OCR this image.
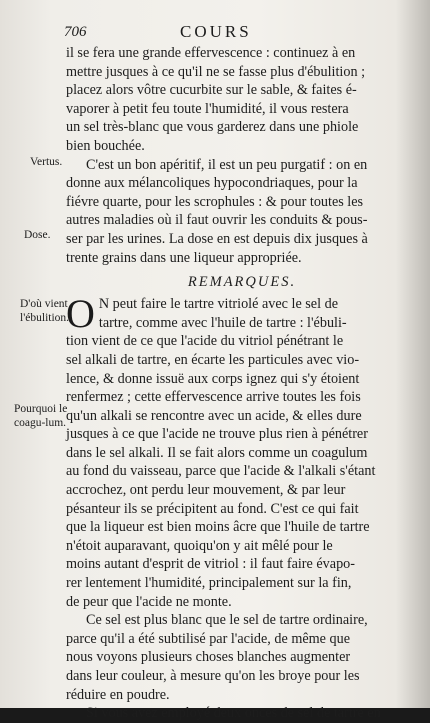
706	COURS
Vertus.
Dose.
D'où vient l'ébulition.
Pourquoi le coagu-lum.
il se fera une grande effervescence : continuez à en
mettre jusques à ce qu'il ne se fasse plus d'ébulition ;
placez alors vôtre cucurbite sur le sable, & faites é-
vaporer à petit feu toute l'humidité, il vous restera
un sel très-blanc que vous garderez dans une phiole
bien bouchée.
C'est un bon apéritif, il est un peu purgatif : on en
donne aux mélancoliques hypocondriaques, pour la
fiévre quarte, pour les scrophules : & pour toutes les
autres maladies où il faut ouvrir les conduits & pous-
ser par les urines. La dose en est depuis dix jusques à
trente grains dans une liqueur appropriée.
REMARQUES.
O N peut faire le tartre vitriolé avec le sel de
tartre, comme avec l'huile de tartre : l'ébuli-
tion vient de ce que l'acide du vitriol pénétrant le
sel alkali de tartre, en écarte les particules avec vio-
lence, & donne issuë aux corps ignez qui s'y étoient
renfermez ; cette effervescence arrive toutes les fois
qu'un alkali se rencontre avec un acide, & elles dure
jusques à ce que l'acide ne trouve plus rien à pénétrer
dans le sel alkali. Il se fait alors comme un coagulum
au fond du vaisseau, parce que l'acide & l'alkali s'étant
accrochez, ont perdu leur mouvement, & par leur
pésanteur ils se précipitent au fond. C'est ce qui fait
que la liqueur est bien moins âcre que l'huile de tartre
n'étoit auparavant, quoiqu'on y ait mêlé pour le
moins autant d'esprit de vitriol : il faut faire évapo-
rer lentement l'humidité, principalement sur la fin,
de peur que l'acide ne monte.
Ce sel est plus blanc que le sel de tartre ordinaire,
parce qu'il a été subtilisé par l'acide, de même que
nous voyons plusieurs choses blanches augmenter
dans leur couleur, à mesure qu'on les broye pour les
réduire en poudre.
Si vous avez employé deux onces de sel de tartre en
